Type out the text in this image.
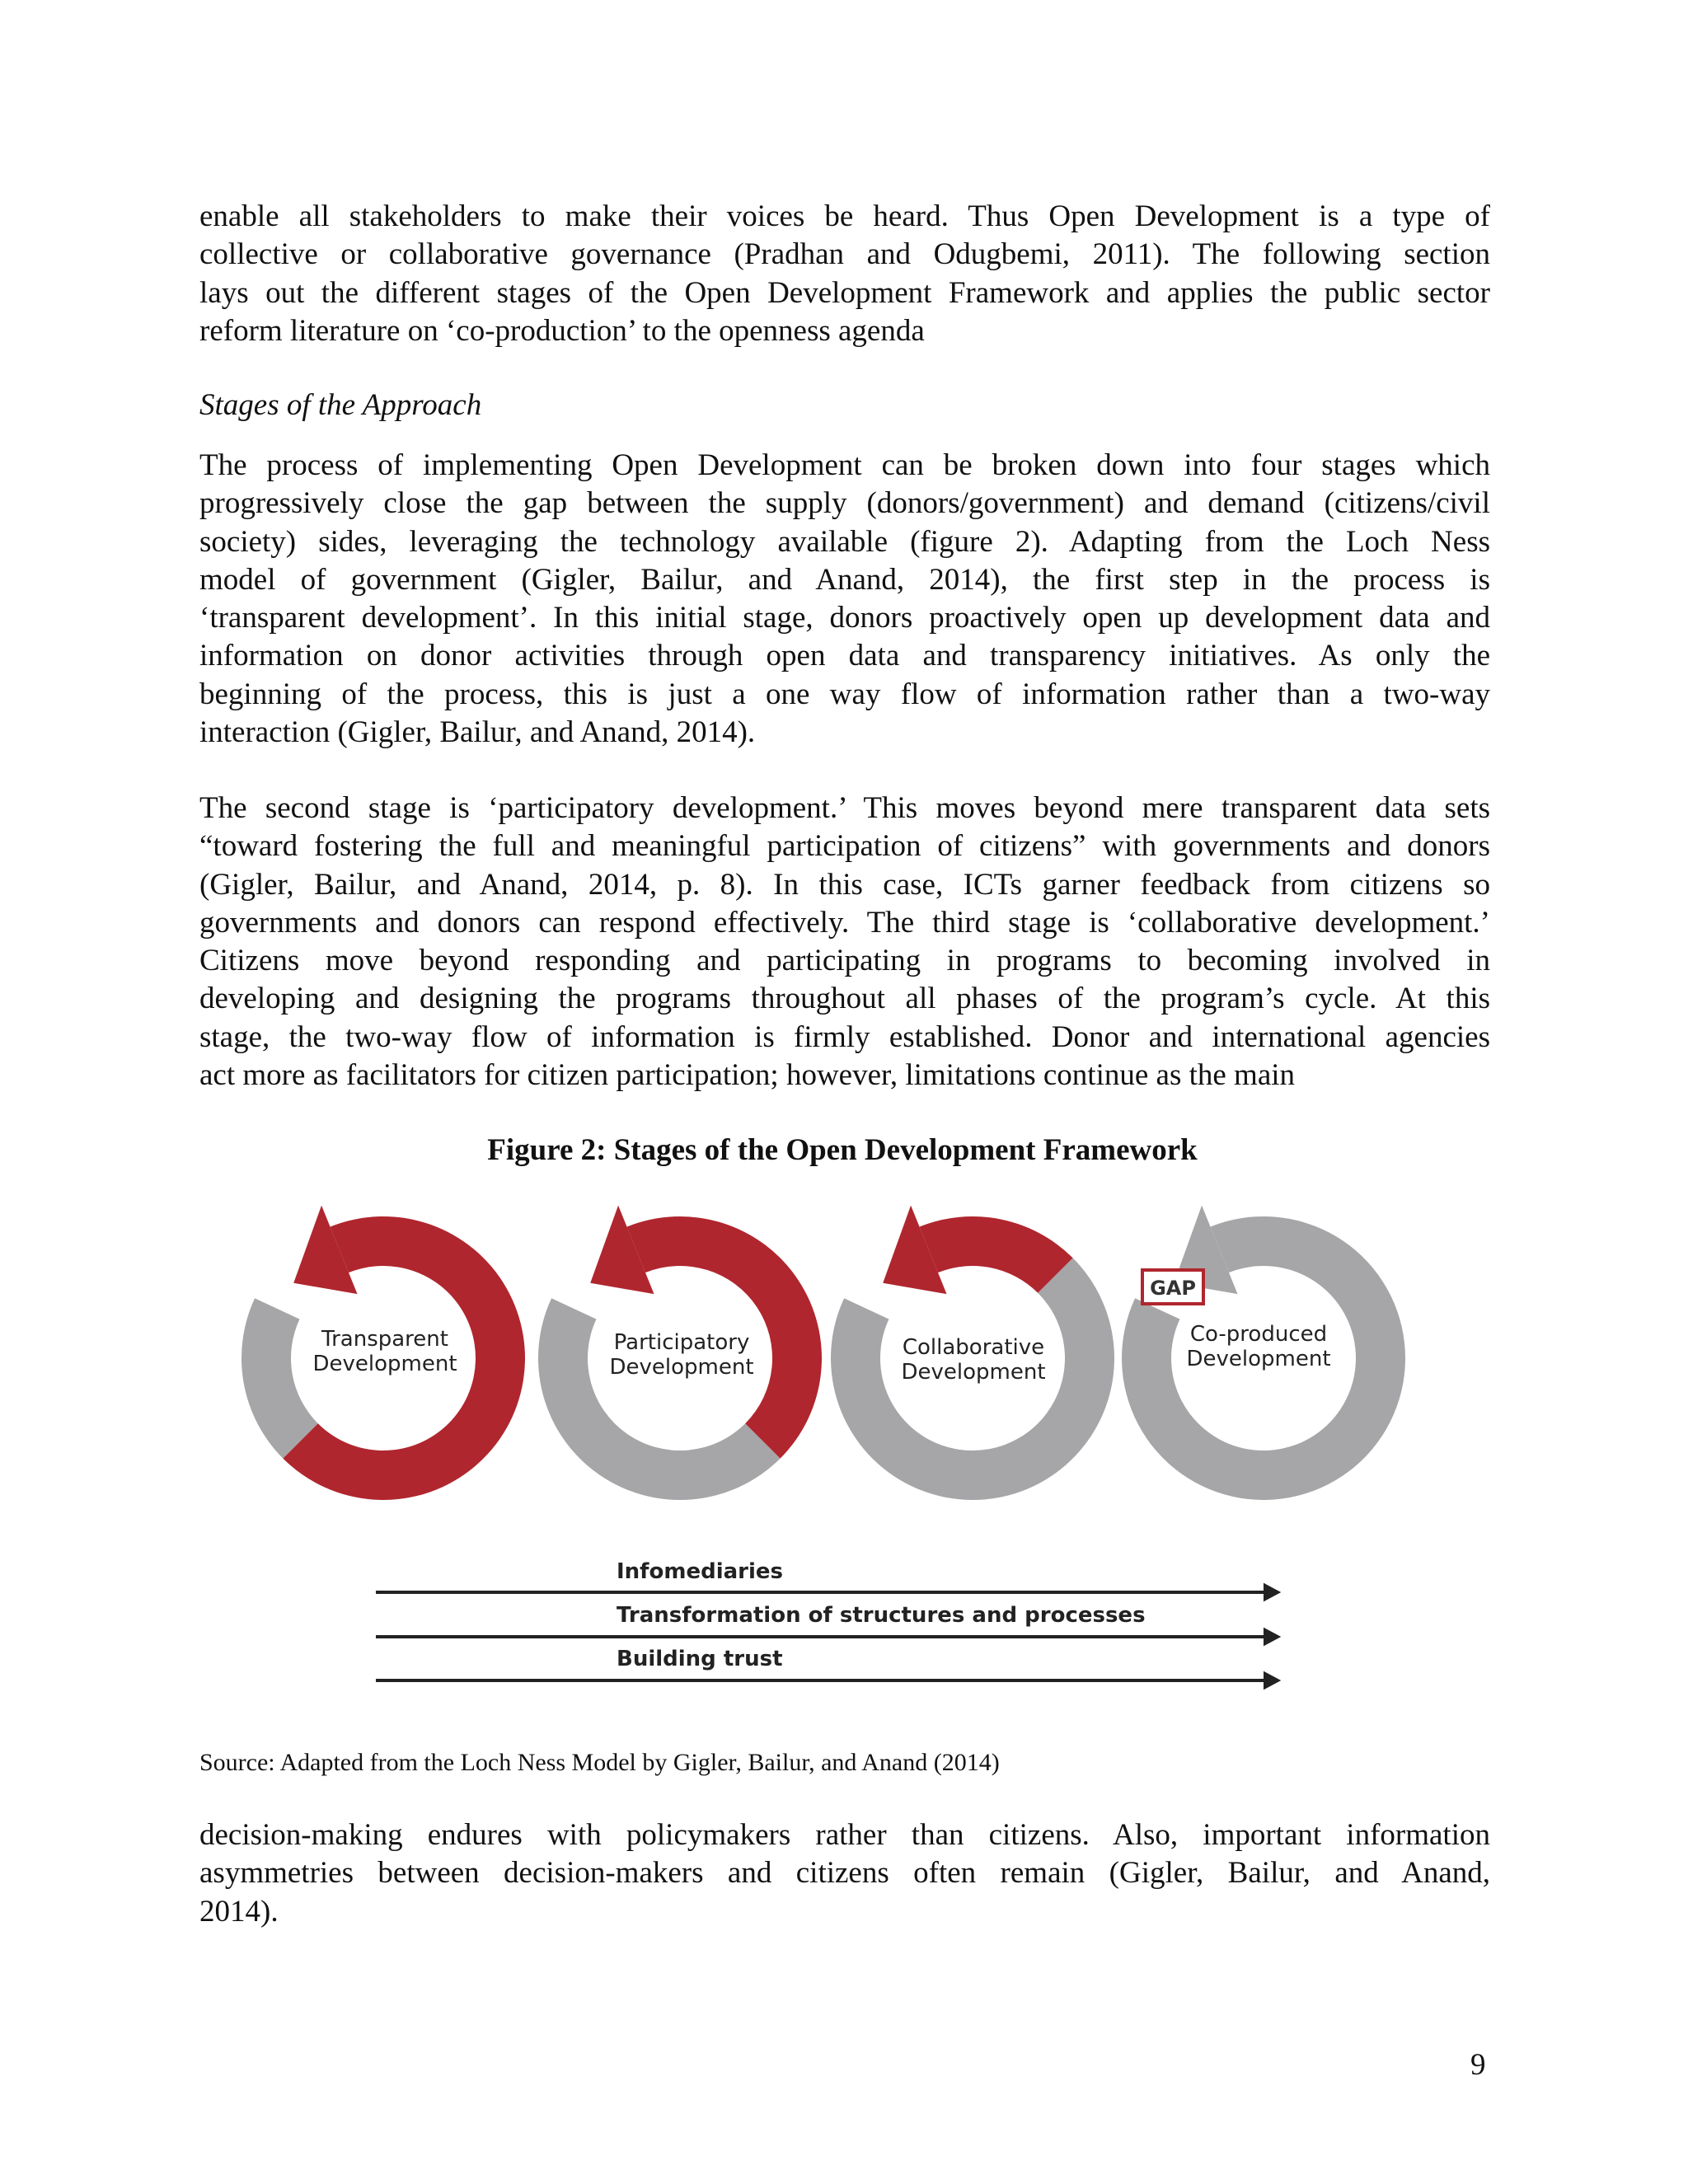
enable all stakeholders to make their voices be heard. Thus Open Development is a type of
collective or collaborative governance (Pradhan and Odugbemi, 2011). The following section
lays out the different stages of the Open Development Framework and applies the public sector
reform literature on ‘co-production’ to the openness agenda
Stages of the Approach
The process of implementing Open Development can be broken down into four stages which
progressively close the gap between the supply (donors/government) and demand (citizens/civil
society) sides, leveraging the technology available (figure 2). Adapting from the Loch Ness
model of government (Gigler, Bailur, and Anand, 2014), the first step in the process is
‘transparent development’. In this initial stage, donors proactively open up development data and
information on donor activities through open data and transparency initiatives. As only the
beginning of the process, this is just a one way flow of information rather than a two-way
interaction (Gigler, Bailur, and Anand, 2014).
The second stage is ‘participatory development.’ This moves beyond mere transparent data sets
“toward fostering the full and meaningful participation of citizens” with governments and donors
(Gigler, Bailur, and Anand, 2014, p. 8). In this case, ICTs garner feedback from citizens so
governments and donors can respond effectively. The third stage is ‘collaborative development.’
Citizens move beyond responding and participating in programs to becoming involved in
developing and designing the programs throughout all phases of the program’s cycle. At this
stage, the two-way flow of information is firmly established. Donor and international agencies
act more as facilitators for citizen participation; however, limitations continue as the main
Figure 2: Stages of the Open Development Framework
GAP
Transparent
Development
Participatory
Development
Collaborative
Development
Co-produced
Development
Infomediaries
Transformation of structures and processes
Building trust
Source: Adapted from the Loch Ness Model by Gigler, Bailur, and Anand (2014)
decision-making endures with policymakers rather than citizens. Also, important information
asymmetries between decision-makers and citizens often remain (Gigler, Bailur, and Anand,
2014).
9
